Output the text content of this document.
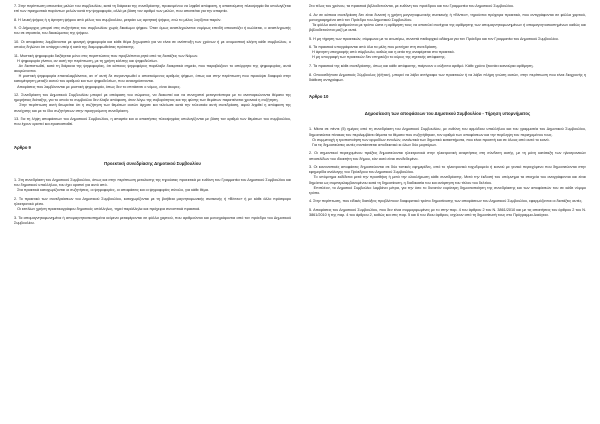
7. Στην περίπτωση απουσίας μελών του συμβουλίου, κατά τη διάρκεια της συνεδρίασης, προκειμένου να ληφθεί απόφαση, η απαιτούμενη πλειοψηφία θα υπολογίζεται επί των πραγματικά παρόντων μελών κατά την ψηφοφορία, αλλά με βάση τον αριθμό των μελών, που απαιτείται για την απαρτία.

8. Η λευκή ψήφος ή η άρνηση ψήφου από μέλος του συμβουλίου, μετράει ως αρνητική ψήφος, ενώ το μέλος λογίζεται παρόν.

9. Ο Δήμαρχος μπορεί στις συζητήσεις του συμβουλίου χωρίς δικαίωμα ψήφου. Όταν όμως αναπληρώνεται νομίμως επειδή απουσιάζει ή κωλύεται, ο αναπληρωτής του σε στρατεία, του δικαιώματος της ψήφου.

10. Οι αποφάσεις λαμβάνονται με φανερή ψηφοφορία και κάθε θέμα ξεχωριστά για να είναι σε ανάπτυξη των χρόνων ή με ονομαστική κλήση κάθε συμβούλου, ο οποίος δηλώνει ότι υπάρχει υπέρ ή κατά της διαμορφωθείσας πρότασης.

11. Μυστική ψηφοφορία διεξάγεται μόνο στις περιπτώσεις που προβλέπεται ρητά από τις διατάξεις των Νόμων.
Η ψηφοφορία γίνεται, αν αυτή την περίπτωση, με τη χρήση κάλπης και ψηφοδελτίων.
Αν διαπιστωθεί, κατά τη διάρκεια της ψηφοφορίας, ότι κάποιος ψηφοφόρος παρέλαβε διακριτικά σημεία, που παραβιάζουν το απόρρητο της ψηφοφορίας, αυτά ακυρώνονται.
Η μυστική ψηφοφορία επαναλαμβάνεται, αν σ' αυτή δε συγκεντρωθεί ο απαιτούμενος αριθμός ψήφων, όπως και στην περίπτωση που προκύψει διαφορά στην καταμέτρηση μεταξύ αυτού του αριθμού και των ψηφοδελτίων, που ανακηρύσσονται.
Αποφάσεις που λαμβάνονται με μυστική ψηφοφορία, όπως δεν το επιτάσσει ο νόμος, είναι άκυρες.

12. Συνεδρίαση του Δημοτικού Συμβουλίου μπορεί με απόφαση του σώματος, να διακοπεί και να συνεχιστεί μεταγενέστερα με το ανεπαρκώνοντα θέματα της ημερήσιας διάταξης, για το οποίο το συμβούλιο δεν έλαβε απόφαση, όταν λόγω της σοβαρότητας και της φύσης των θεμάτων παρατείνεται χρονικά η συζήτηση.
Στην περίπτωση αυτή θεωρείται ότι η συζήτηση των θεμάτων αυτών άρχισε και τελείωσε κατά την τελευταία αυτή συνεδρίαση, αφού ληφθεί η απόφαση της συνέχισης και με το ίδιο συζητήσεων στην προηγούμενη συνεδρίαση.

13. Για τη λήψη αποφάσεων του Δημοτικού Συμβουλίου, η απαρτία και οι απαιτήσεις πλειοψηφίας υπολογίζονται με βάση τον αριθμό των θεμάτων του συμβουλίου, που έχουν οριστεί και εγκατασταθεί.

Άρθρο 9
Προεκτική συνεδρίασης Δημοτικού Συμβουλίου

1. Στη συνεδρίαση του Δημοτικού Συμβουλίου, όπως και στην περίπτωση μεταλυσης της τηρούσας προεκτικά με ευθύνη του Γραμματέα του Δημοτικού Συμβουλίου και του δημοτικού υπαλλήλου, του έχει οριστεί για αυτό από.
Στα πρακτικά καταχωρίζονται οι συζητήσεις, οι ψηφοφορίες, οι αποφάσεις και οι ψηφοφορίες σύνολο, για κάθε θέμα.

2. Το πρακτικό των συνεδριάσεων του Δημοτικού Συμβουλίου, καταχωρίζονται με τη βοήθεια μαγνητοφωνικής συσκευής ή «Βίντεο» ή με κάθε άλλο πρόσφορο ηλεκτρονικό μέσο.
Οι κτιτλίων χρήση πρακτικογράφου δημοτικός υπάλληλος, τηρεί παράλληλα και πρόχειρα συνοπτικά πρακτικά.

3. Τα απομαγνητοφωνημένα ή απομαγνητοσκοπημένα κείμενα μεταφέρονται σε φύλλα χαρτιού, που αριθμούνται και μονογράφονται από τον πρόεδρο του Δημοτικού Συμβουλίου.

Στο τέλος του χρόνου, τα πρακτικά βιβλιοδετούνται, με ευθύνη του προέδρου και του Γραμματέα του Δημοτικού Συμβουλίου.

4. Αν σε κάποια συνεδρίαση δεν είναι δυνατή η χρήση μαγνητοφωνικής συσκευής ή «Βίντεο», τηρούνται πρόχειρα πρακτικά, που αντιγράφονται σε φύλλα χαρτιού, μονογραφημένα από τον Πρόεδρο του Δημοτικού Συμβουλίου.
Τα φύλλα αυτά αριθμούνται με τρόπο ώστε η αρίθμηση τους να αποτελεί συνέχεια της αρίθμησης των απομαγνητοφωνημένων ή απομαγνητοσκοπημένων καθώς και βιβλιοδετούνται μαζί με αυτά.

5. Η μη τήρηση των πρακτικών, σύμφωνα με το ανωτέρω, συνιστά πειθαρχικό αδίκημα για τον Πρόεδρο και τον Γραμματέα του Δημοτικού Συμβουλίου.

6. Τα πρακτικά υπογράφονται από όλα τα μέλη που μετείχαν στη συνεδρίαση.
Η άρνηση υπογραφής από σύμβουλο, καθώς και η αιτία της αναφέρεται στο πρακτικό.
Η μη υπογραφή των πρακτικών δεν επηρεάζει το κύρος της σχετικής απόφασης.

7. Τα πρακτικά της κάθε συνεδρίασης, όπως και κάθε απόφασης, παίρνουν ο αύξοντα αριθμό. Κάθε χρόνο ξεκινάει καινούρια αρίθμηση.

8. Οποιοσδήποτε Δημοτικός Σύμβουλος (ή/ήταν), μπορεί να λάβει αντίγραφο των πρακτικών ή να λάβει πλήρη γνώση αυτών, στην περίπτωση που είναι διαχρονής η διάθεση αντιγράφων.

Άρθρο 10
Δημοσίευση των αποφάσεων του Δημοτικού Συμβουλίου - Τήρηση υπομνήματος

1. Μέσα σε πέντε (5) ημέρες από τη συνεδρίαση του Δημοτικού Συμβουλίου, με ευθύνη του αρμόδιου υπαλλήλου και του γραμματέα του Δημοτικού Συμβουλίου, δημοσιεύεται πίνακας του περιλαμβάνει θέματα τα θέματα που συζητήθηκαν, τον αριθμό των αποφάσεων και την περίληψη του περιεχομένου τους.
Οι συμμετοχή η τροποποίηση των αρμοδίων εντολών, αναλυτικά των δημοτικό καταστήματα, που είναι προσιτή και σε όλους από αυτό το κοινό.
Για τις δημοσιεύσεις αυτές συντάσσεται αποδεικτικό κι όλων δύο μαρτύρων.

2. Οι σημαντικοί περιεχομένου πράξεις δημοσιεύονται ηλεκτρονικά στην ηλεκτρονική αναρτήσεις στη σύνδεση αυτής, με τη μόνη κατάταξη των ηλεκτρονικών ιστοσελίδων του ιδιοκτήτη του δήμου, εάν αυτό είναι συνδεδεμένο.

3. Οι κανονιστικές αποφάσεις δημοσιεύονται σε δύο τοπικές εφημερίδες, από το ηλεκτρονικό ταχυδρομείο ή κοινού με γενικό περιεχόμενο που δημοσιεύονται στην εφημερίδα ανάλογης του Πρόεδρου του Δημοτικού Συμβουλίου.
Το υπόμνημα εκδίδεται μετά την προσθήκη ή μετά την ολοκλήρωση κάθε συνεδρίασης. Μετά την έκδοσή του υπόμνημα τα στοιχεία του αναγράφονται και είναι δημόσια ως συμπεριλαμβανομένου κατά τη δημοσίευση, η διαδικασία του και ανάρτηση του τίτλου του δελτίου.
Επιπλέον, το Δημοτικό Συμβούλιο λαμβάνει μέτρα, για την όσο το δυνατόν ευρύτερη δημοσιοποίηση της συνεδρίασης και των αποφάσεών του σε κάθε νόμιμο τρόπο.

4. Στην περίπτωση, που είδικές διατάξεις προβλέπουν διαφορετικό τρόπο δημοσίευσης των αποφάσεων του Δημοτικού Συμβουλίου, εφαρμόζονται οι διατάξεις αυτές.

5. Αποφάσεις του Δημοτικού Συμβουλίου, που δεν είναι συμμορφωμένες με το στην παρ. 4 του άρθρου 2 του Ν. 3861/2010 και με τις απαιτήσεις του άρθρου 2 του Ν. 3861/2010 ή της παρ. 4 του άρθρου 2, καθώς και στις παρ. 5 και 6 του ίδιου άρθρου, ισχύουν από τη δημοσίευσή τους στο Πρόγραμμα Διαύγεια.
